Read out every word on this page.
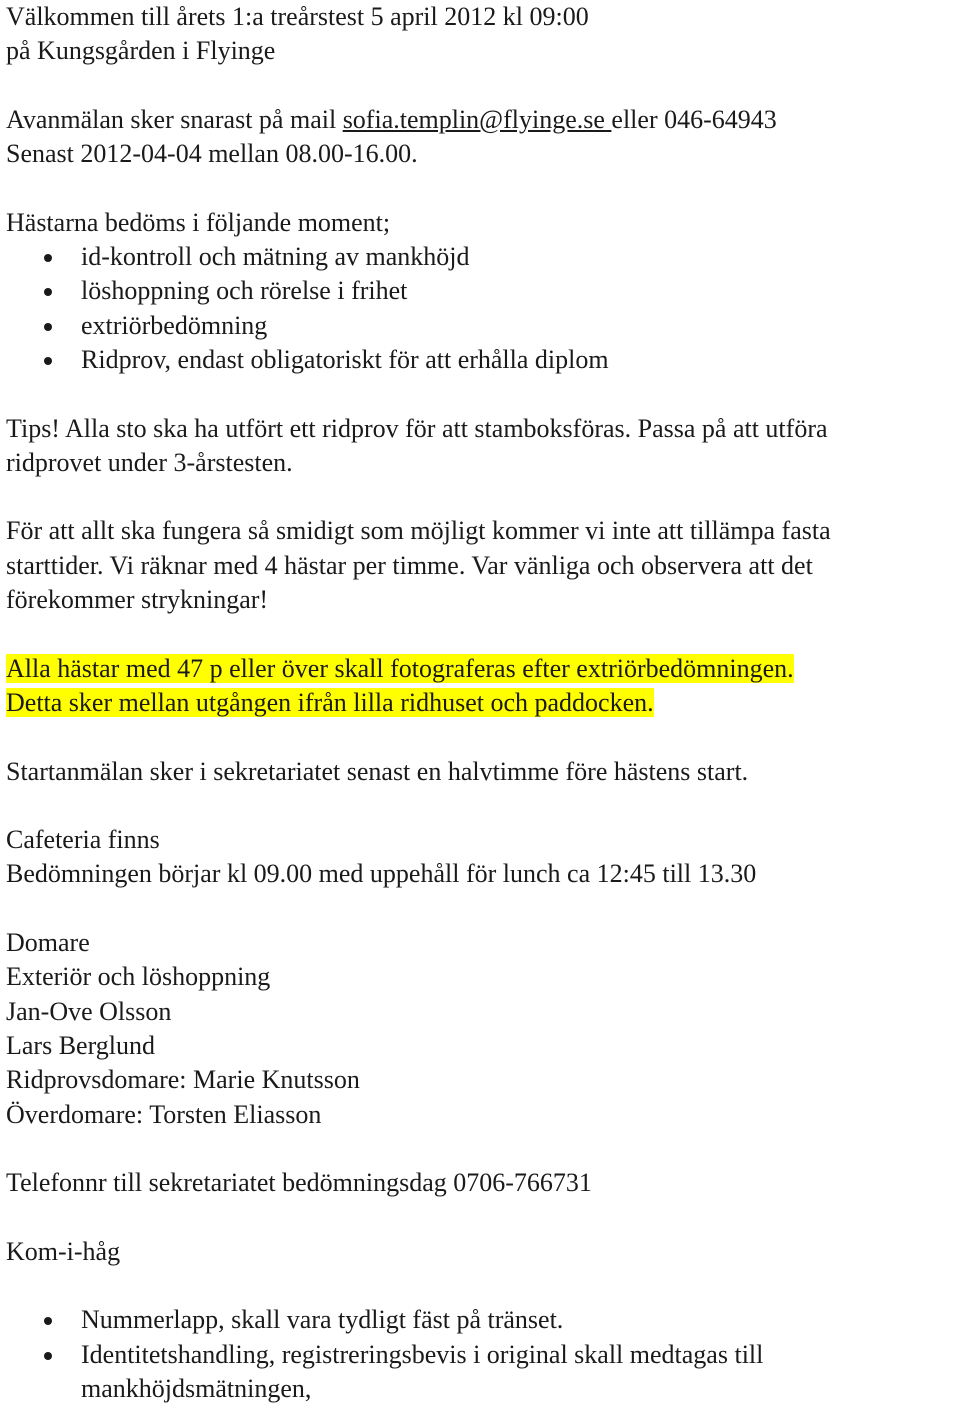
Välkommen till årets 1:a treårstest 5 april 2012 kl 09:00
på Kungsgården i Flyinge
Avanmälan sker snarast på mail sofia.templin@flyinge.se eller 046-64943
Senast 2012-04-04 mellan 08.00-16.00.
Hästarna bedöms i följande moment;
id-kontroll och mätning av mankhöjd
löshoppning och rörelse i frihet
extriörbedömning
Ridprov, endast obligatoriskt för att erhålla diplom
Tips! Alla sto ska ha utfört ett ridprov för att stamboksföras. Passa på att utföra
ridprovet under 3-årstesten.
För att allt ska fungera så smidigt som möjligt kommer vi inte att tillämpa fasta
starttider. Vi räknar med 4 hästar per timme. Var vänliga och observera att det
förekommer strykningar!
Alla hästar med 47 p eller över skall fotograferas efter extriörbedömningen.
Detta sker mellan utgången ifrån lilla ridhuset och paddocken.
Startanmälan sker i sekretariatet senast en halvtimme före hästens start.
Cafeteria finns
Bedömningen börjar kl 09.00 med uppehåll för lunch ca 12:45 till 13.30
Domare
Exteriör och löshoppning
Jan-Ove Olsson
Lars Berglund
Ridprovsdomare: Marie Knutsson
Överdomare: Torsten Eliasson
Telefonnr till sekretariatet bedömningsdag 0706-766731
Kom-i-håg
Nummerlapp, skall vara tydligt fäst på tränset.
Identitetshandling, registreringsbevis i original skall medtagas till
mankhöjdsmätningen,
